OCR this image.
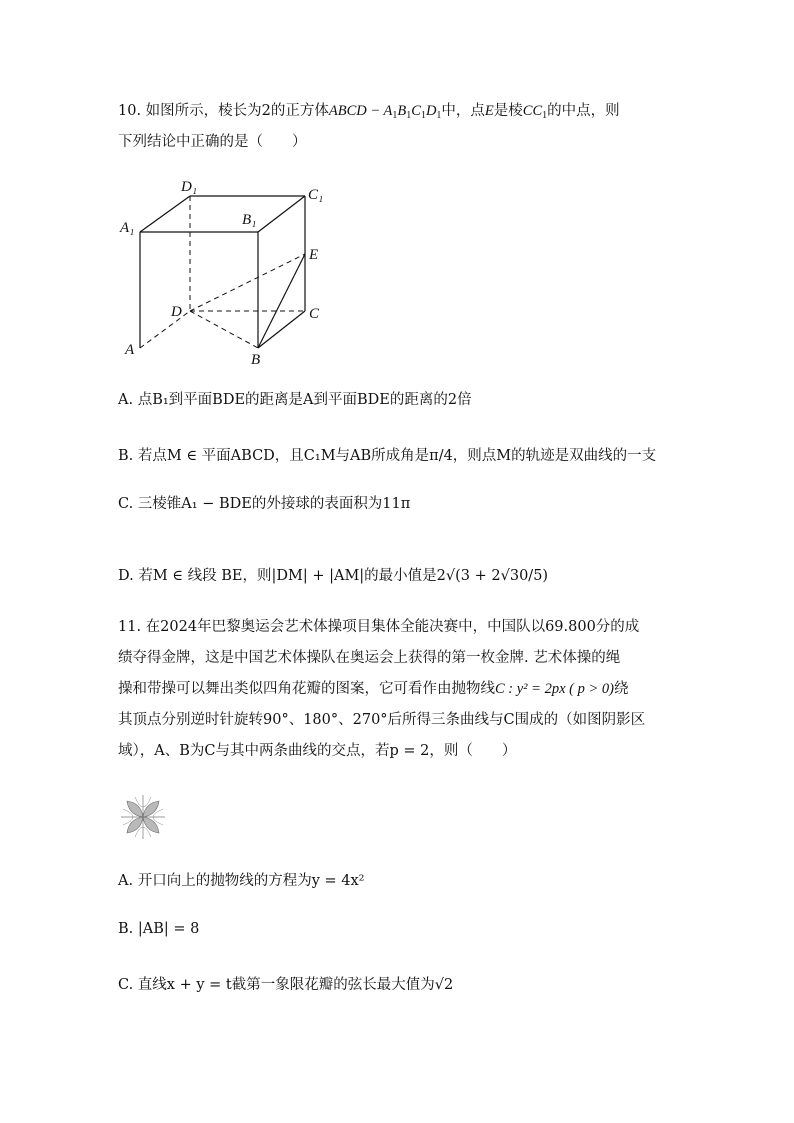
10. 如图所示，棱长为2的正方体ABCD − $A_1B_1C_1D_1$中，点E是棱$CC_1$的中点，则
下列结论中正确的是（　　）
D₁	C₁
A₁	B₁
E
D	C
A
B
A. 点B₁到平面BDE的距离是A到平面BDE的距离的2倍
B. 若点M ∈ 平面ABCD，且C₁M与AB所成角是π/4，则点M的轨迹是双曲线的一支
C. 三棱锥A₁ − BDE的外接球的表面积为11π
D. 若M ∈ 线段 BE，则|DM| + |AM|的最小值是2√(3 + 2√30/5)
11. 在2024年巴黎奥运会艺术体操项目集体全能决赛中，中国队以69.800分的成
绩夺得金牌，这是中国艺术体操队在奥运会上获得的第一枚金牌. 艺术体操的绳
操和带操可以舞出类似四角花瓣的图案，它可看作由抛物线C : y² = 2px ( p > 0)绕
其顶点分别逆时针旋转90°、180°、270°后所得三条曲线与C围成的（如图阴影区
域），A、B为C与其中两条曲线的交点，若p = 2，则（　　）
A. 开口向上的抛物线的方程为y = 4x²
B. |AB| = 8
C. 直线x + y = t截第一象限花瓣的弦长最大值为√2
